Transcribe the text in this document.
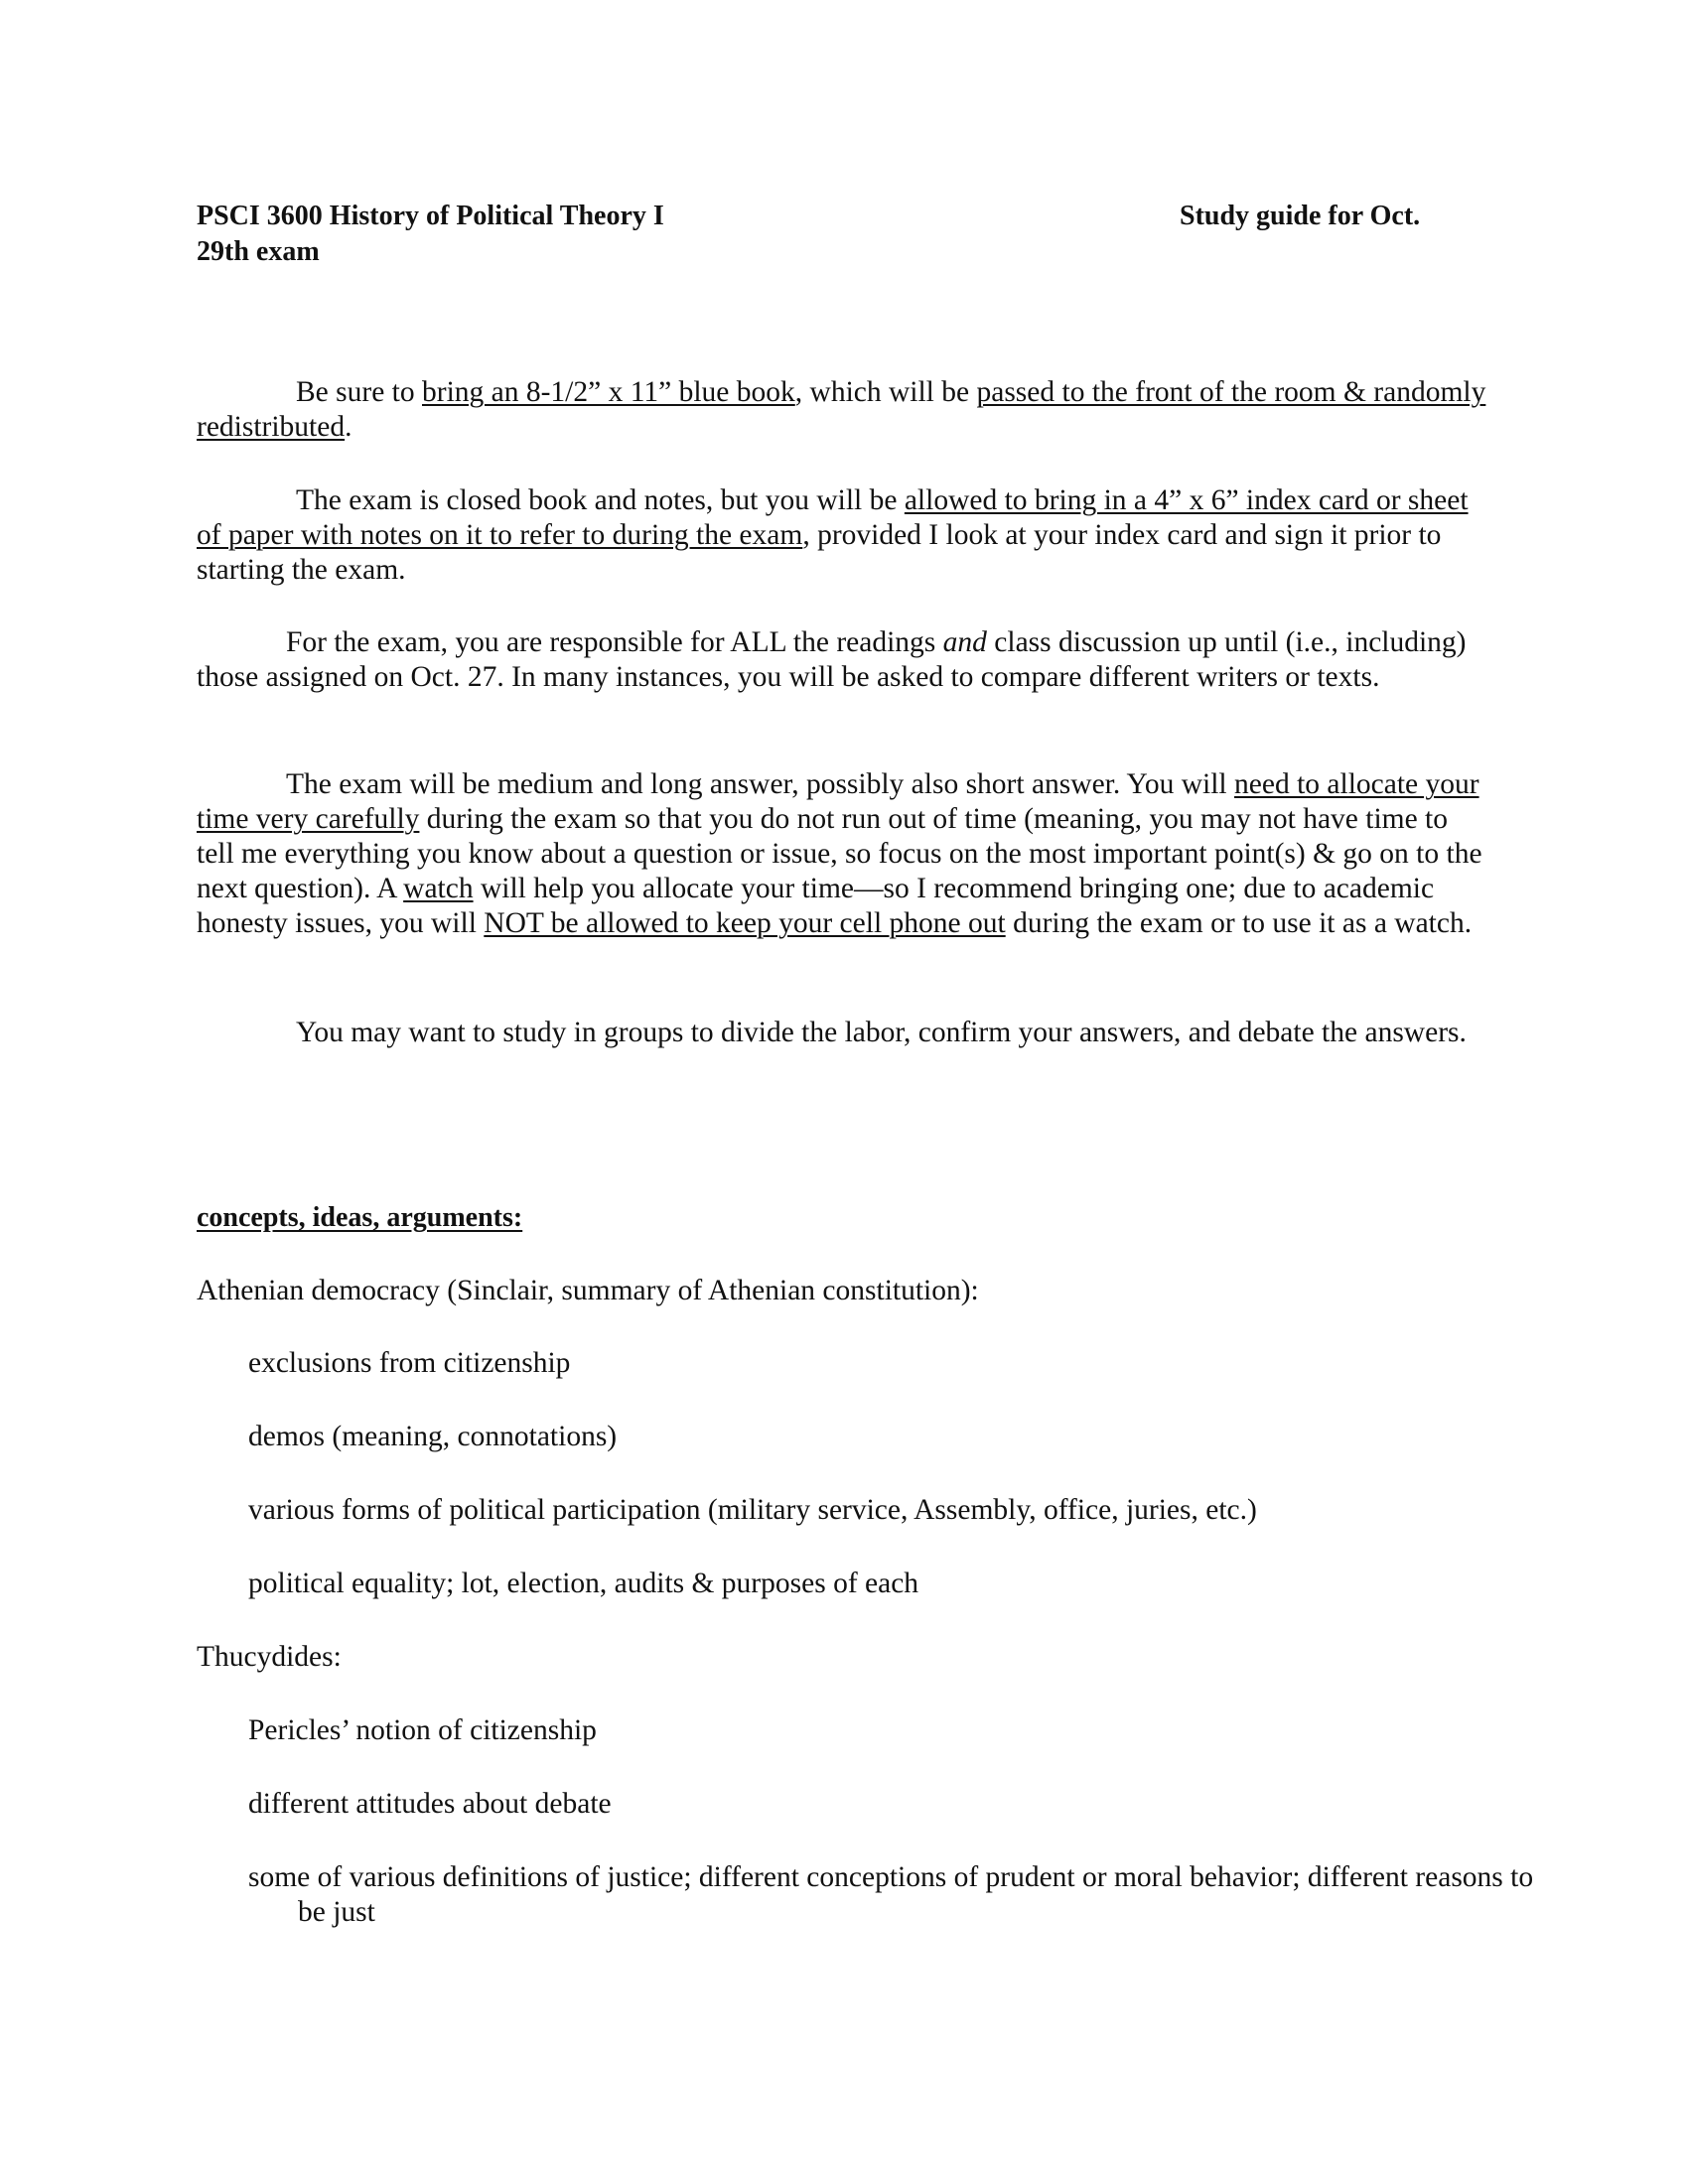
PSCI 3600 History of Political Theory I	Study guide for Oct.
29th exam

Be sure to bring an 8-1/2” x 11” blue book, which will be passed to the front of the room & randomly redistributed.

The exam is closed book and notes, but you will be allowed to bring in a 4” x 6” index card or sheet of paper with notes on it to refer to during the exam, provided I look at your index card and sign it prior to starting the exam.

For the exam, you are responsible for ALL the readings and class discussion up until (i.e., including) those assigned on Oct. 27. In many instances, you will be asked to compare different writers or texts.

The exam will be medium and long answer, possibly also short answer. You will need to allocate your time very carefully during the exam so that you do not run out of time (meaning, you may not have time to tell me everything you know about a question or issue, so focus on the most important point(s) & go on to the next question). A watch will help you allocate your time—so I recommend bringing one; due to academic honesty issues, you will NOT be allowed to keep your cell phone out during the exam or to use it as a watch.

You may want to study in groups to divide the labor, confirm your answers, and debate the answers.

concepts, ideas, arguments:
Athenian democracy (Sinclair, summary of Athenian constitution):
exclusions from citizenship
demos (meaning, connotations)
various forms of political participation (military service, Assembly, office, juries, etc.)
political equality; lot, election, audits & purposes of each
Thucydides:
Pericles’ notion of citizenship
different attitudes about debate
some of various definitions of justice; different conceptions of prudent or moral behavior; different reasons to be just
